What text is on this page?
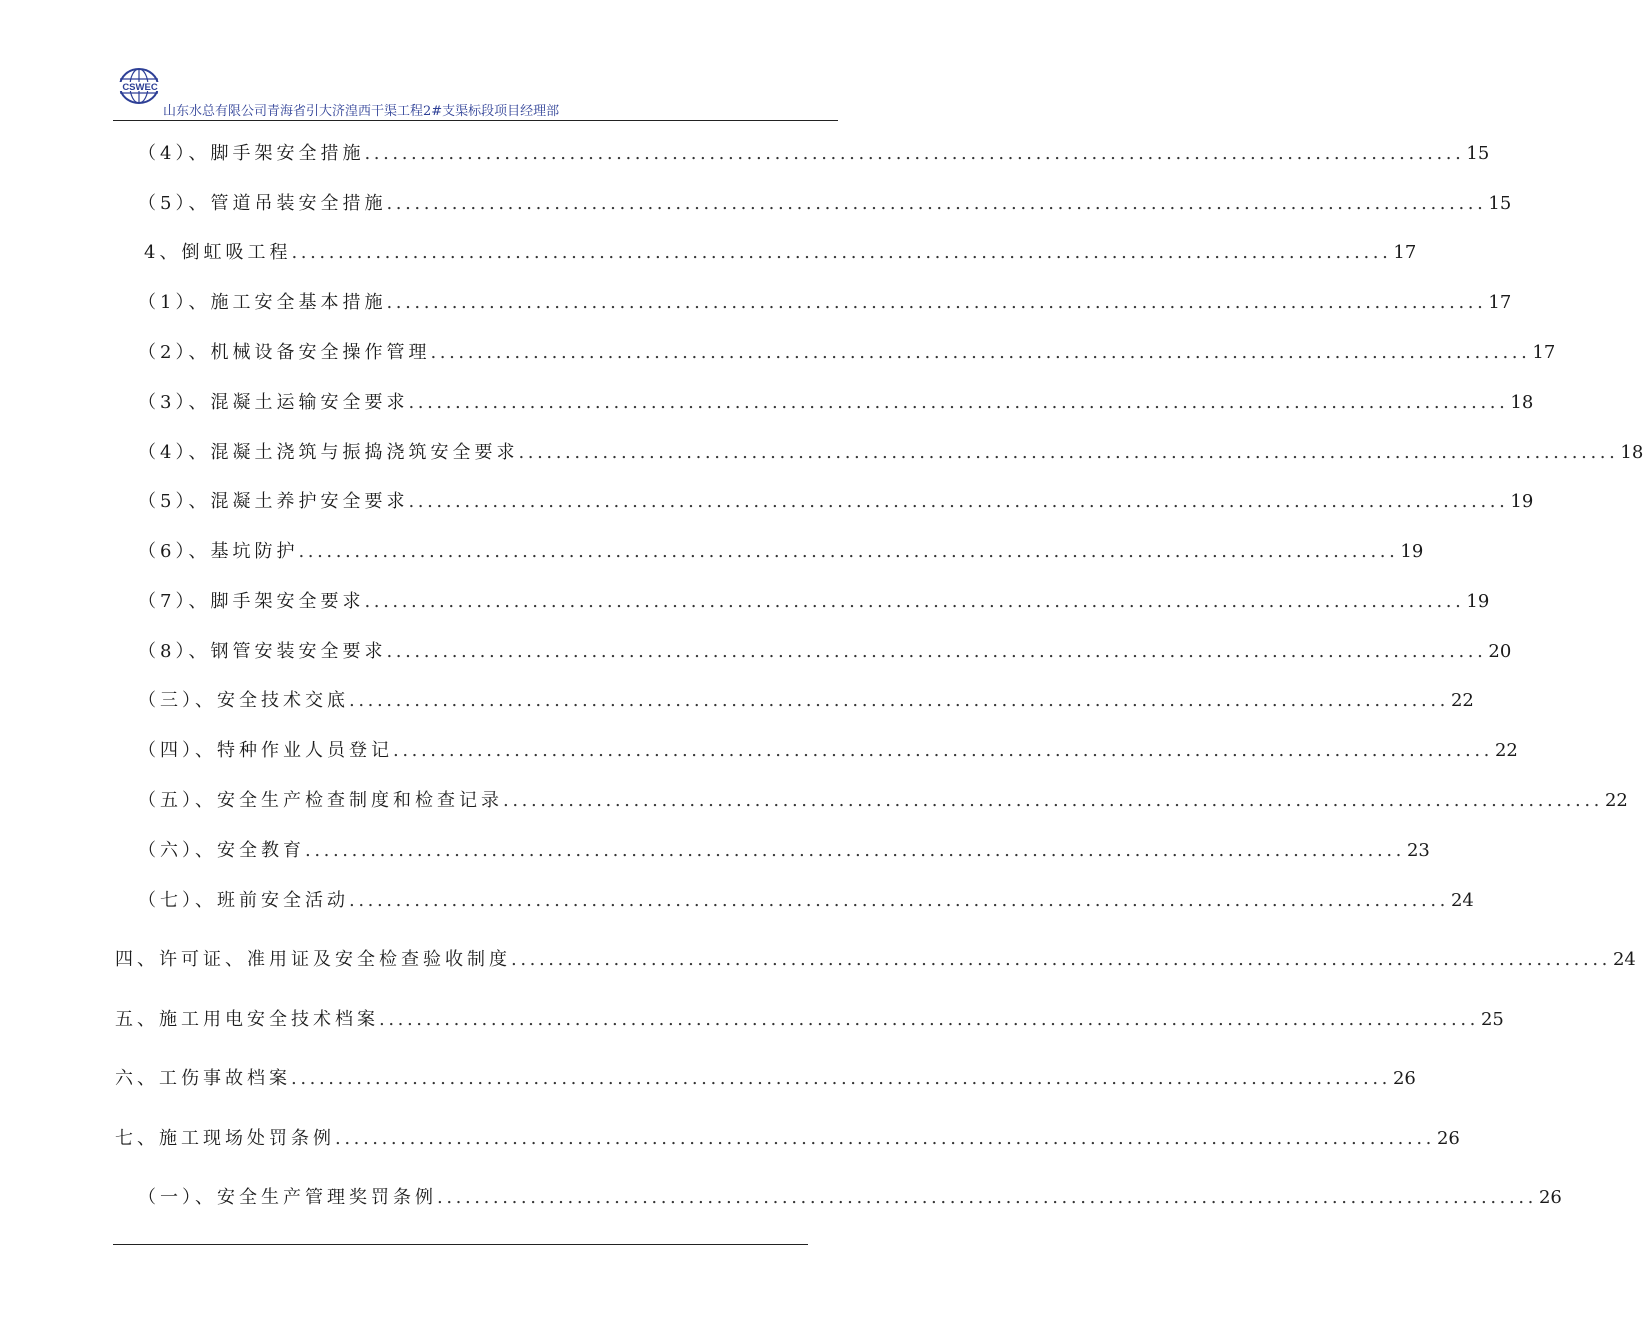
CSWEC
山东水总有限公司青海省引大济湟西干渠工程2#支渠标段项目经理部
（4）、脚手架安全措施 ...................................................................................................................... 15
（5）、管道吊装安全措施 ...................................................................................................................... 15
4、倒虹吸工程 ...................................................................................................................... 17
（1）、施工安全基本措施 ...................................................................................................................... 17
（2）、机械设备安全操作管理 ...................................................................................................................... 17
（3）、混凝土运输安全要求 ...................................................................................................................... 18
（4）、混凝土浇筑与振捣浇筑安全要求 ...................................................................................................................... 18
（5）、混凝土养护安全要求 ...................................................................................................................... 19
（6）、基坑防护 ...................................................................................................................... 19
（7）、脚手架安全要求 ...................................................................................................................... 19
（8）、钢管安装安全要求 ...................................................................................................................... 20
（三）、安全技术交底 ...................................................................................................................... 22
（四）、特种作业人员登记 ...................................................................................................................... 22
（五）、安全生产检查制度和检查记录 ...................................................................................................................... 22
（六）、安全教育 ...................................................................................................................... 23
（七）、班前安全活动 ...................................................................................................................... 24
四、许可证、准用证及安全检查验收制度 ...................................................................................................................... 24
五、施工用电安全技术档案 ...................................................................................................................... 25
六、工伤事故档案 ...................................................................................................................... 26
七、施工现场处罚条例 ...................................................................................................................... 26
（一）、安全生产管理奖罚条例 ...................................................................................................................... 26
